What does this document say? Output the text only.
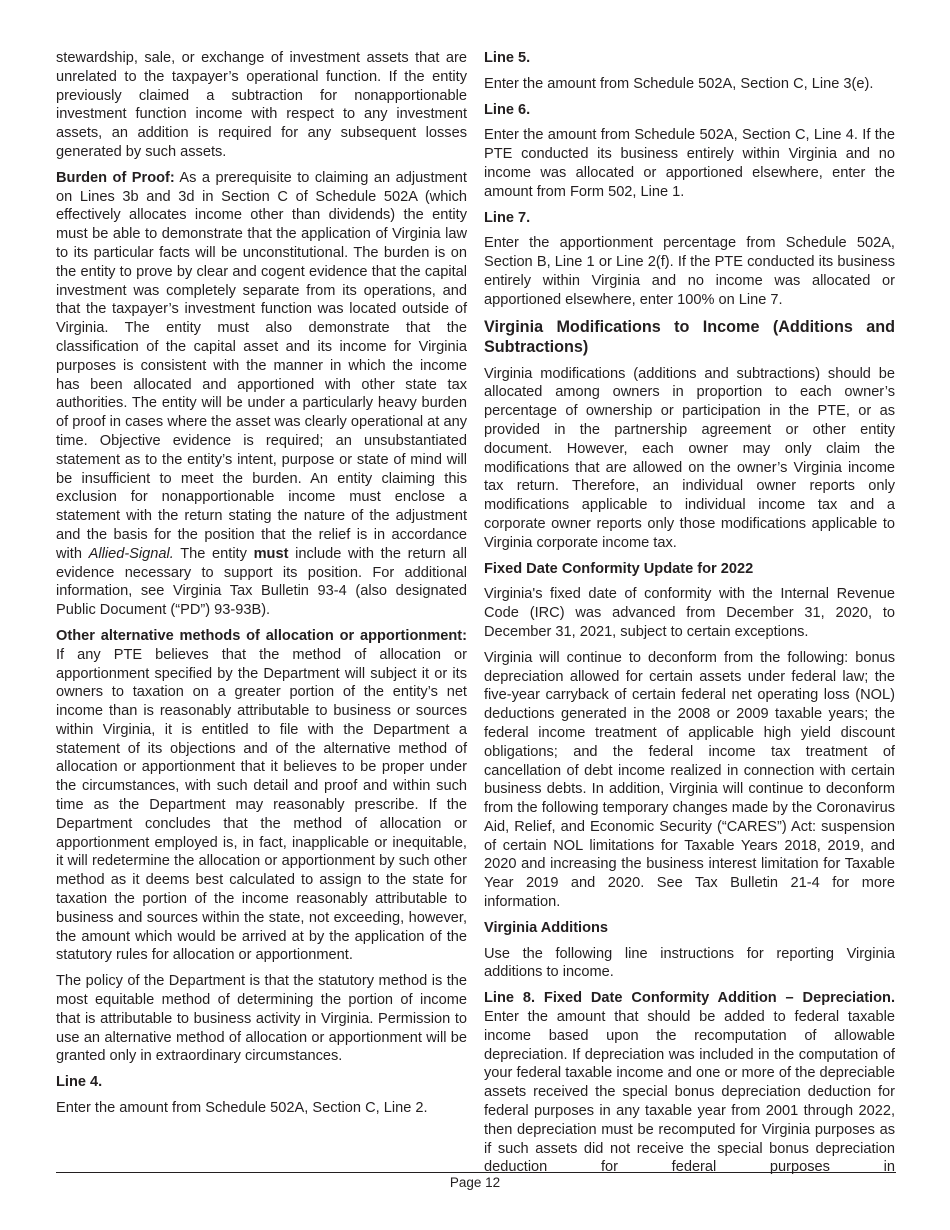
stewardship, sale, or exchange of investment assets that are unrelated to the taxpayer’s operational function. If the entity previously claimed a subtraction for nonapportionable investment function income with respect to any investment assets, an addition is required for any subsequent losses generated by such assets.

Burden of Proof: As a prerequisite to claiming an adjustment on Lines 3b and 3d in Section C of Schedule 502A (which effectively allocates income other than dividends) the entity must be able to demonstrate that the application of Virginia law to its particular facts will be unconstitutional. The burden is on the entity to prove by clear and cogent evidence that the capital investment was completely separate from its operations, and that the taxpayer’s investment function was located outside of Virginia. The entity must also demonstrate that the classification of the capital asset and its income for Virginia purposes is consistent with the manner in which the income has been allocated and apportioned with other state tax authorities. The entity will be under a particularly heavy burden of proof in cases where the asset was clearly operational at any time. Objective evidence is required; an unsubstantiated statement as to the entity’s intent, purpose or state of mind will be insufficient to meet the burden. An entity claiming this exclusion for nonapportionable income must enclose a statement with the return stating the nature of the adjustment and the basis for the position that the relief is in accordance with Allied-Signal. The entity must include with the return all evidence necessary to support its position. For additional information, see Virginia Tax Bulletin 93-4 (also designated Public Document (“PD”) 93-93B).

Other alternative methods of allocation or apportionment: If any PTE believes that the method of allocation or apportionment specified by the Department will subject it or its owners to taxation on a greater portion of the entity’s net income than is reasonably attributable to business or sources within Virginia, it is entitled to file with the Department a statement of its objections and of the alternative method of allocation or apportionment that it believes to be proper under the circumstances, with such detail and proof and within such time as the Department may reasonably prescribe. If the Department concludes that the method of allocation or apportionment employed is, in fact, inapplicable or inequitable, it will redetermine the allocation or apportionment by such other method as it deems best calculated to assign to the state for taxation the portion of the income reasonably attributable to business and sources within the state, not exceeding, however, the amount which would be arrived at by the application of the statutory rules for allocation or apportionment.

The policy of the Department is that the statutory method is the most equitable method of determining the portion of income that is attributable to business activity in Virginia. Permission to use an alternative method of allocation or apportionment will be granted only in extraordinary circumstances.

Line 4.

Enter the amount from Schedule 502A, Section C, Line 2.

Line 5.

Enter the amount from Schedule 502A, Section C, Line 3(e).

Line 6.

Enter the amount from Schedule 502A, Section C, Line 4. If the PTE conducted its business entirely within Virginia and no income was allocated or apportioned elsewhere, enter the amount from Form 502, Line 1.

Line 7.

Enter the apportionment percentage from Schedule 502A, Section B, Line 1 or Line 2(f). If the PTE conducted its business entirely within Virginia and no income was allocated or apportioned elsewhere, enter 100% on Line 7.

Virginia Modifications to Income (Additions and Subtractions)

Virginia modifications (additions and subtractions) should be allocated among owners in proportion to each owner’s percentage of ownership or participation in the PTE, or as provided in the partnership agreement or other entity document. However, each owner may only claim the modifications that are allowed on the owner’s Virginia income tax return. Therefore, an individual owner reports only modifications applicable to individual income tax and a corporate owner reports only those modifications applicable to Virginia corporate income tax.

Fixed Date Conformity Update for 2022

Virginia's fixed date of conformity with the Internal Revenue Code (IRC) was advanced from December 31, 2020, to December 31, 2021, subject to certain exceptions.

Virginia will continue to deconform from the following: bonus depreciation allowed for certain assets under federal law; the five-year carryback of certain federal net operating loss (NOL) deductions generated in the 2008 or 2009 taxable years; the federal income treatment of applicable high yield discount obligations; and the federal income tax treatment of cancellation of debt income realized in connection with certain business debts. In addition, Virginia will continue to deconform from the following temporary changes made by the Coronavirus Aid, Relief, and Economic Security (“CARES”) Act: suspension of certain NOL limitations for Taxable Years 2018, 2019, and 2020 and increasing the business interest limitation for Taxable Year 2019 and 2020. See Tax Bulletin 21-4 for more information.

Virginia Additions

Use the following line instructions for reporting Virginia additions to income.

Line 8. Fixed Date Conformity Addition – Depreciation. Enter the amount that should be added to federal taxable income based upon the recomputation of allowable depreciation. If depreciation was included in the computation of your federal taxable income and one or more of the depreciable assets received the special bonus depreciation deduction for federal purposes in any taxable year from 2001 through 2022, then depreciation must be recomputed for Virginia purposes as if such assets did not receive the special bonus depreciation deduction for federal purposes in

Page 12
